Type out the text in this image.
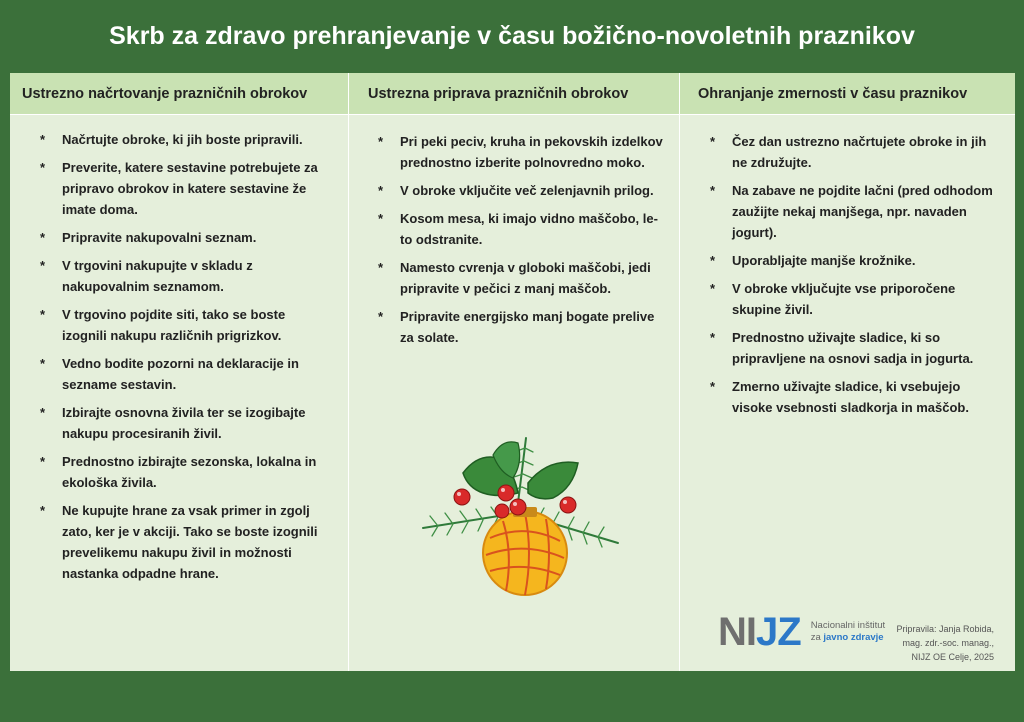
Skrb za zdravo prehranjevanje v času božično-novoletnih praznikov
Ustrezno načrtovanje prazničnih obrokov	Ustrezna priprava prazničnih obrokov	Ohranjanje zmernosti v času praznikov
* Načrtujte obroke, ki jih boste pripravili.
* Preverite, katere sestavine potrebujete za pripravo obrokov in katere sestavine že imate doma.
* Pripravite nakupovalni seznam.
* V trgovini nakupujte v skladu z nakupovalnim seznamom.
* V trgovino pojdite siti, tako se boste izognili nakupu različnih prigrizkov.
* Vedno bodite pozorni na deklaracije in sezname sestavin.
* Izbirajte osnovna živila ter se izogibajte nakupu procesiranih živil.
* Prednostno izbirajte sezonska, lokalna in ekološka živila.
* Ne kupujte hrane za vsak primer in zgolj zato, ker je v akciji. Tako se boste izognili prevelikemu nakupu živil in možnosti nastanka odpadne hrane.
* Pri peki peciv, kruha in pekovskih izdelkov prednostno izberite polnovredno moko.
* V obroke vključite več zelenjavnih prilog.
* Kosom mesa, ki imajo vidno maščobo, le-to odstranite.
* Namesto cvrenja v globoki maščobi, jedi pripravite v pečici z manj maščob.
* Pripravite energijsko manj bogate prelive za solate.
* Čez dan ustrezno načrtujete obroke in jih ne združujte.
* Na zabave ne pojdite lačni (pred odhodom zaužijte nekaj manjšega, npr. navaden jogurt).
* Uporabljajte manjše krožnike.
* V obroke vključujte vse priporočene skupine živil.
* Prednostno uživajte sladice, ki so pripravljene na osnovi sadja in jogurta.
* Zmerno uživajte sladice, ki vsebujejo visoke vsebnosti sladkorja in maščob.
NIJZ Nacionalni inštitut
za javno zdravje
Pripravila: Janja Robida,
mag. zdr.-soc. manag.,
NIJZ OE Celje, 2025
